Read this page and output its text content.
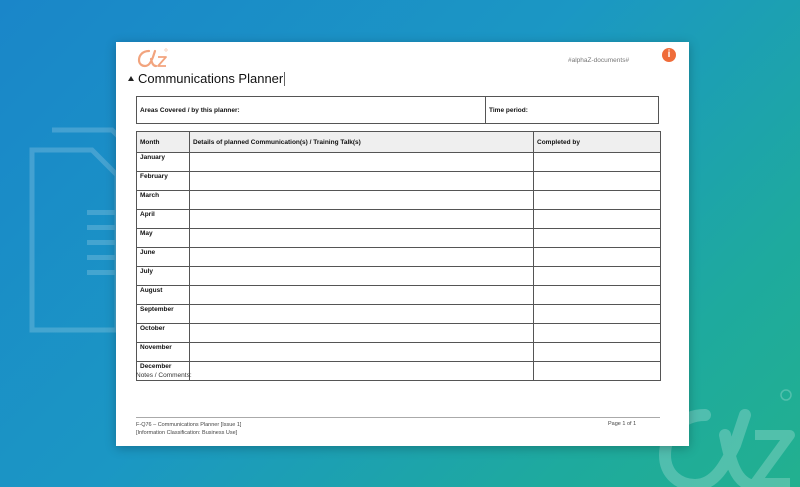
#alphaZ-documents#
i
Communications Planner
Areas Covered / by this planner:	Time period:
Month	Details of planned Communication(s) / Training Talk(s)	Completed by
January		
February		
March		
April		
May		
June		
July		
August		
September		
October		
November		
December		
Notes / Comments:
F-Q76 – Communications Planner [Issue 1]
[Information Classification: Business Use]
Page 1 of 1
